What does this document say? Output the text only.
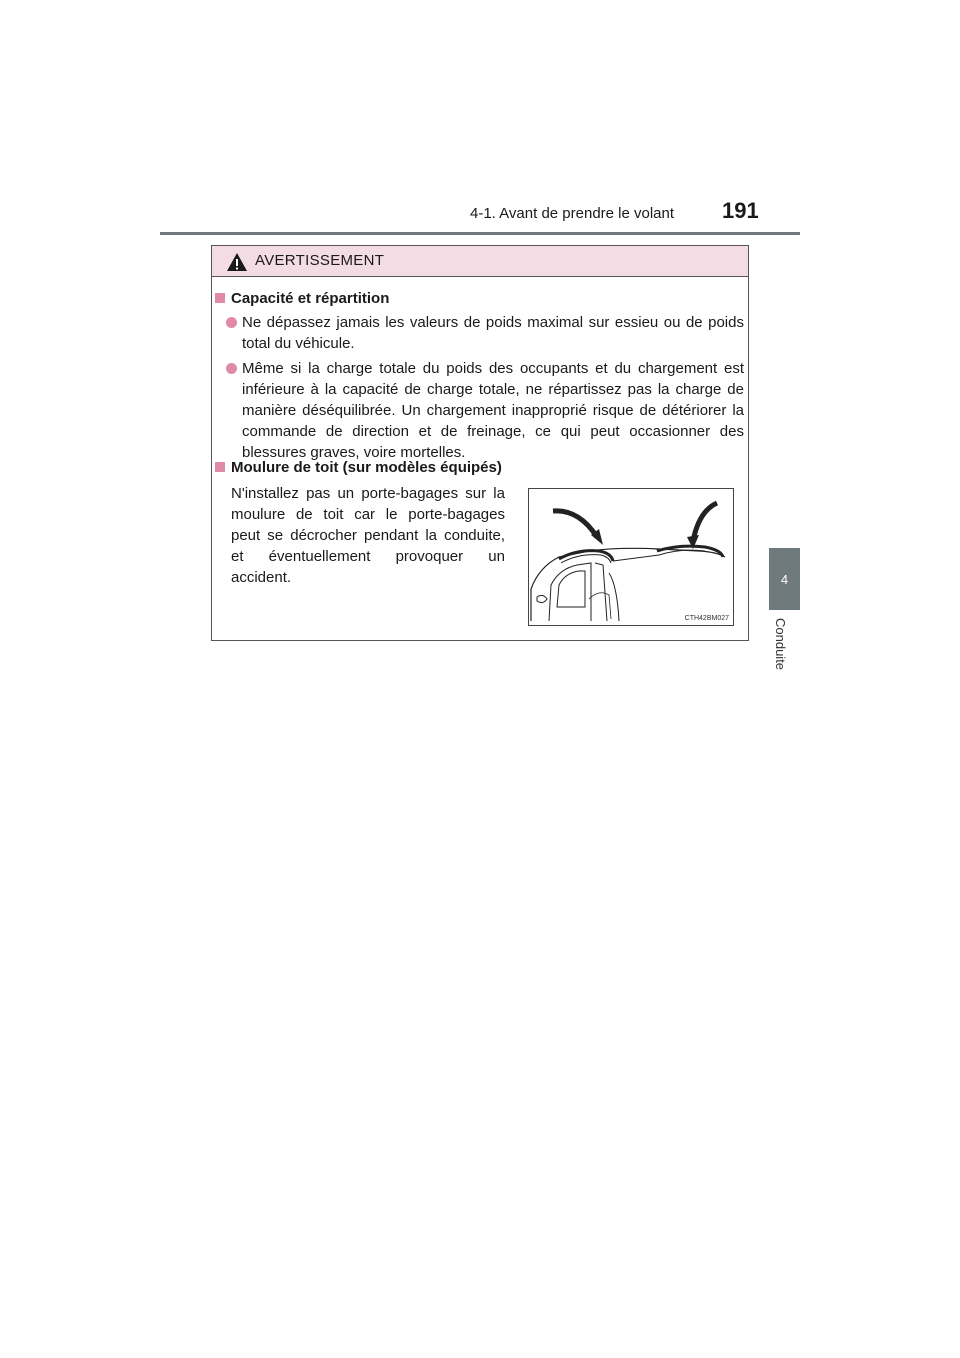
4-1. Avant de prendre le volant 191
4
Conduite
AVERTISSEMENT
Capacité et répartition
Ne dépassez jamais les valeurs de poids maximal sur essieu ou de poids total du véhicule.
Même si la charge totale du poids des occupants et du chargement est inférieure à la capacité de charge totale, ne répartissez pas la charge de manière déséquilibrée. Un chargement inapproprié risque de détériorer la commande de direction et de freinage, ce qui peut occasionner des blessures graves, voire mortelles.
Moulure de toit (sur modèles équipés)
N'installez pas un porte-bagages sur la moulure de toit car le porte-bagages peut se décrocher pendant la conduite, et éventuellement provoquer un accident.
CTH42BM027
